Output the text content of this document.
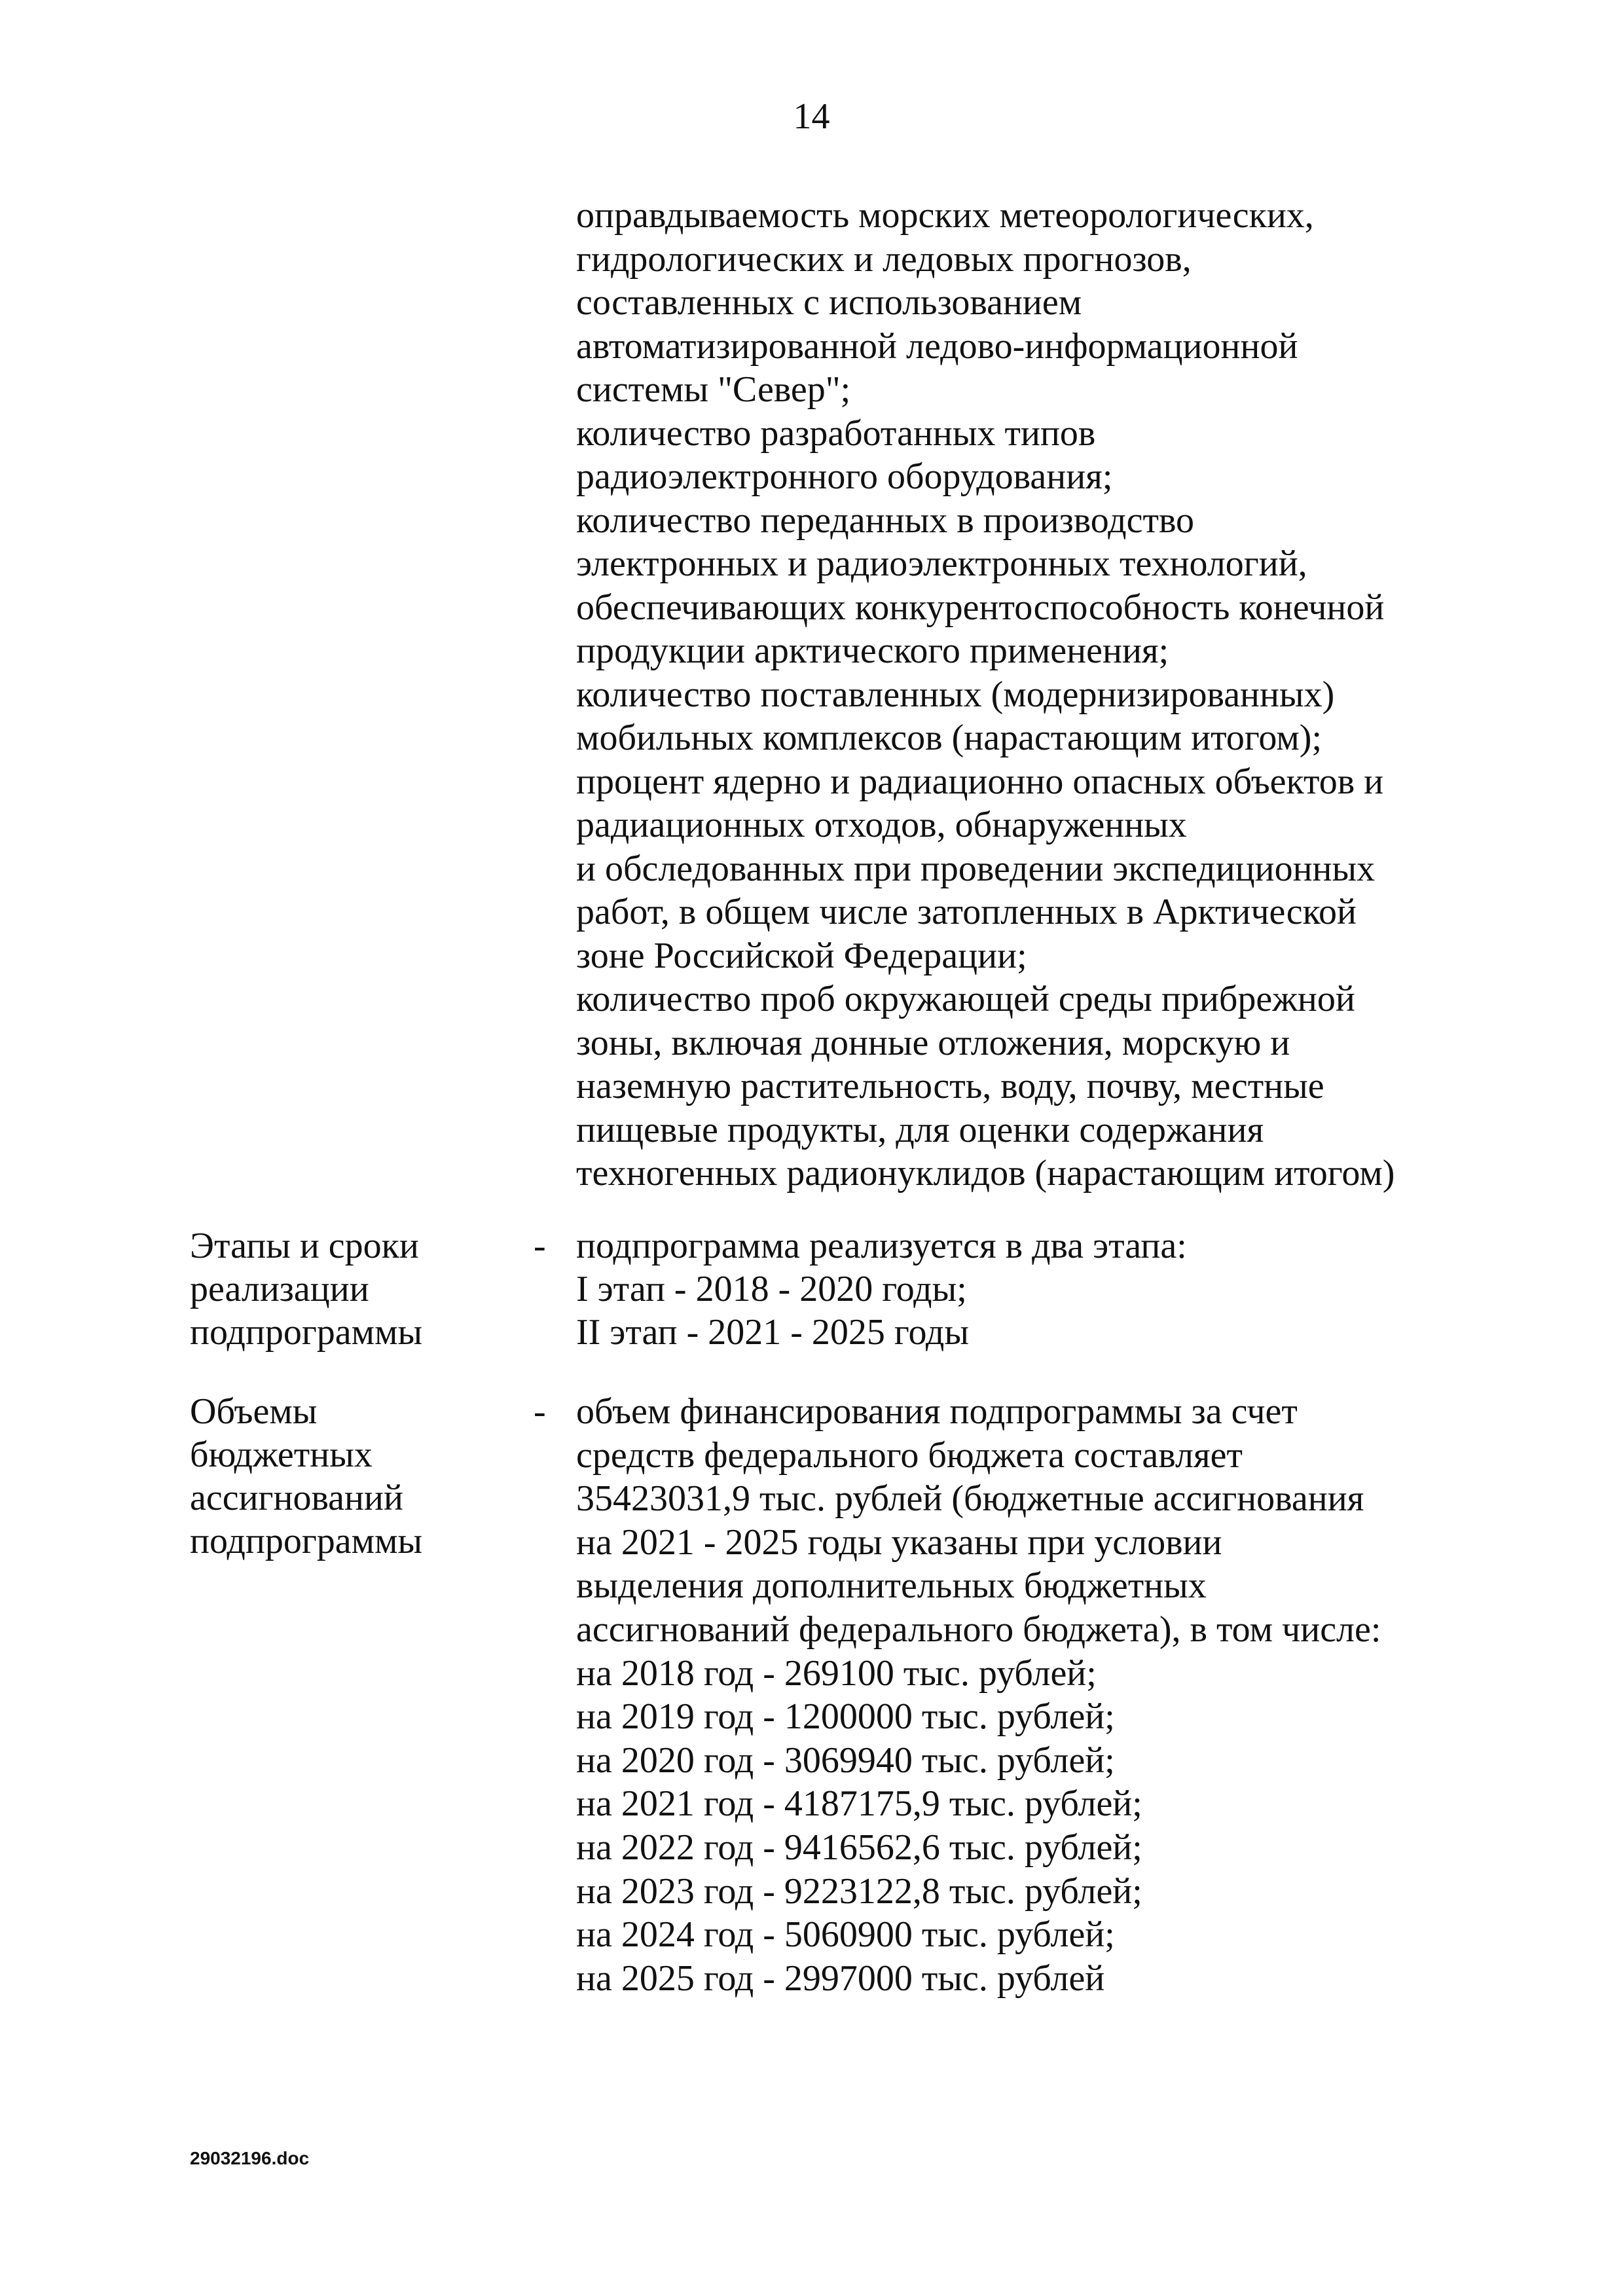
14
оправдываемость морских метеорологических,
гидрологических и ледовых прогнозов,
составленных с использованием
автоматизированной ледово-информационной
системы "Север";
количество разработанных типов
радиоэлектронного оборудования;
количество переданных в производство
электронных и радиоэлектронных технологий,
обеспечивающих конкурентоспособность конечной
продукции арктического применения;
количество поставленных (модернизированных)
мобильных комплексов (нарастающим итогом);
процент ядерно и радиационно опасных объектов и
радиационных отходов, обнаруженных
и обследованных при проведении экспедиционных
работ, в общем числе затопленных в Арктической
зоне Российской Федерации;
количество проб окружающей среды прибрежной
зоны, включая донные отложения, морскую и
наземную растительность, воду, почву, местные
пищевые продукты, для оценки содержания
техногенных радионуклидов (нарастающим итогом)
Этапы и сроки
реализации
подпрограммы
- подпрограмма реализуется в два этапа:
I этап - 2018 - 2020 годы;
II этап - 2021 - 2025 годы
Объемы
бюджетных
ассигнований
подпрограммы
- объем финансирования подпрограммы за счет
средств федерального бюджета составляет
35423031,9 тыс. рублей (бюджетные ассигнования
на 2021 - 2025 годы указаны при условии
выделения дополнительных бюджетных
ассигнований федерального бюджета), в том числе:
на 2018 год - 269100 тыс. рублей;
на 2019 год - 1200000 тыс. рублей;
на 2020 год - 3069940 тыс. рублей;
на 2021 год - 4187175,9 тыс. рублей;
на 2022 год - 9416562,6 тыс. рублей;
на 2023 год - 9223122,8 тыс. рублей;
на 2024 год - 5060900 тыс. рублей;
на 2025 год - 2997000 тыс. рублей
29032196.doc
